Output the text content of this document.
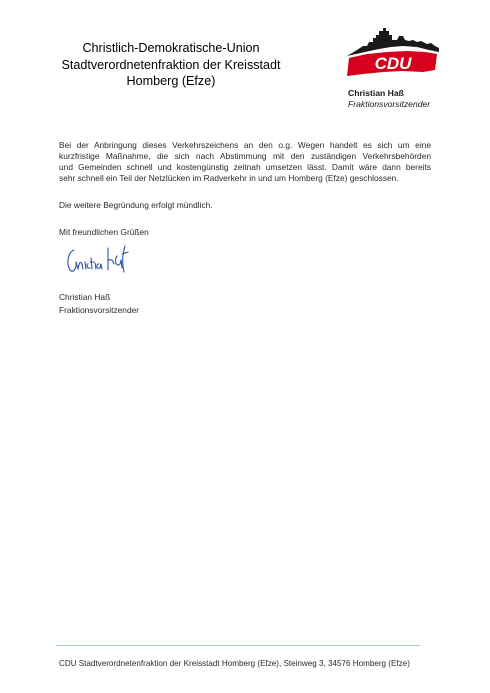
Christlich-Demokratische-Union
Stadtverordnetenfraktion der Kreisstadt
Homberg (Efze)
CDU
Christian Haß
Fraktionsvorsitzender
Bei der Anbringung dieses Verkehrszeichens an den o.g. Wegen handelt es sich um eine
kurzfristige Maßnahme, die sich nach Abstimmung mit den zuständigen Verkehrsbehörden
und Gemeinden schnell und kostengünstig zeitnah umsetzen lässt. Damit wäre dann bereits
sehr schnell ein Teil der Netzlücken im Radverkehr in und um Homberg (Efze) geschlossen.
Die weitere Begründung erfolgt mündlich.
Mit freundlichen Grüßen
Christian Haß
Fraktionsvorsitzender
CDU Stadtverordnetenfraktion der Kreisstadt Homberg (Efze), Steinweg 3, 34576 Homberg (Efze)
